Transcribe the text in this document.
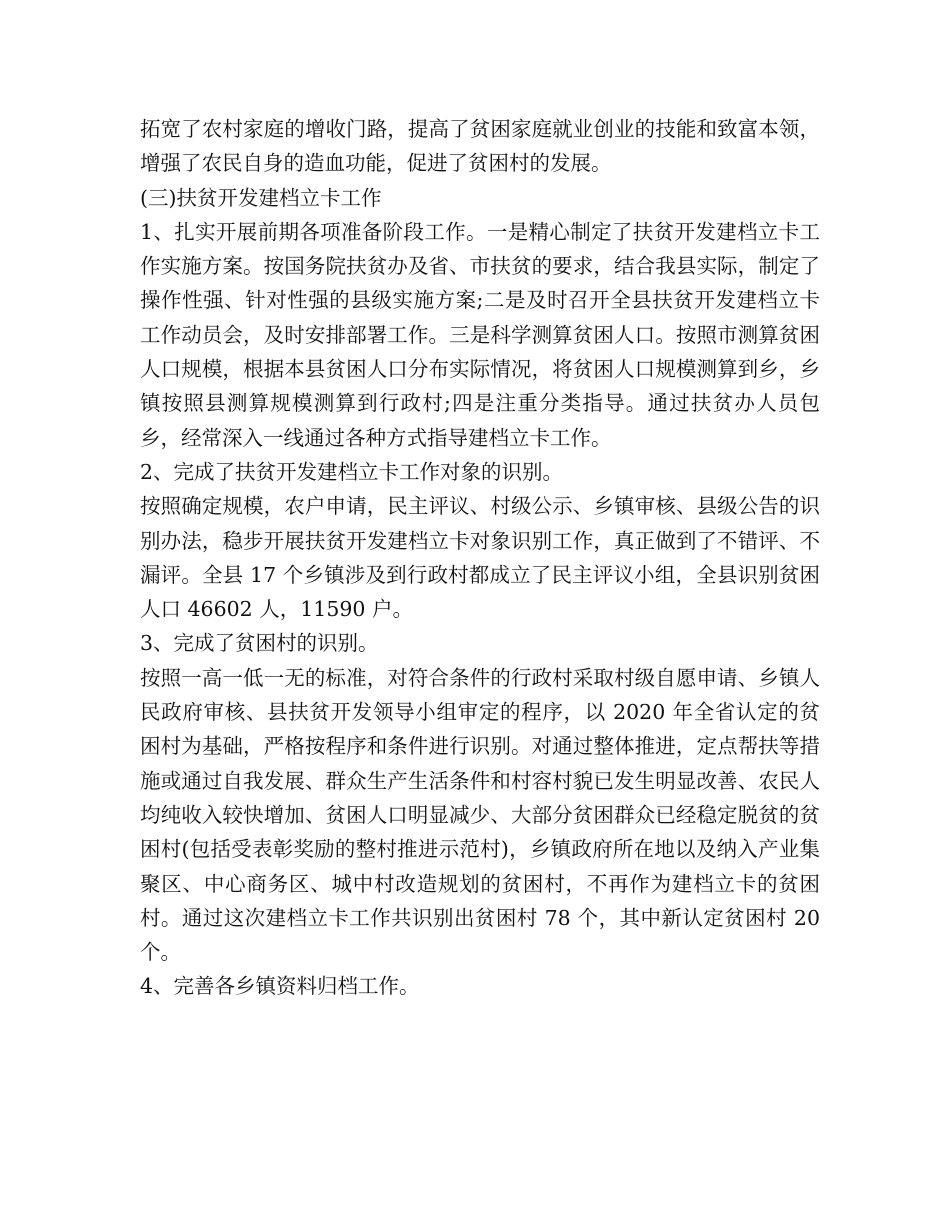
拓宽了农村家庭的增收门路，提高了贫困家庭就业创业的技能和致富本领，增强了农民自身的造血功能，促进了贫困村的发展。

(三)扶贫开发建档立卡工作

1、扎实开展前期各项准备阶段工作。一是精心制定了扶贫开发建档立卡工作实施方案。按国务院扶贫办及省、市扶贫的要求，结合我县实际，制定了操作性强、针对性强的县级实施方案;二是及时召开全县扶贫开发建档立卡工作动员会，及时安排部署工作。三是科学测算贫困人口。按照市测算贫困人口规模，根据本县贫困人口分布实际情况，将贫困人口规模测算到乡，乡镇按照县测算规模测算到行政村;四是注重分类指导。通过扶贫办人员包乡，经常深入一线通过各种方式指导建档立卡工作。

2、完成了扶贫开发建档立卡工作对象的识别。

按照确定规模，农户申请，民主评议、村级公示、乡镇审核、县级公告的识别办法，稳步开展扶贫开发建档立卡对象识别工作，真正做到了不错评、不漏评。全县 17 个乡镇涉及到行政村都成立了民主评议小组，全县识别贫困人口 46602 人，11590 户。

3、完成了贫困村的识别。

按照一高一低一无的标准，对符合条件的行政村采取村级自愿申请、乡镇人民政府审核、县扶贫开发领导小组审定的程序，以 2020 年全省认定的贫困村为基础，严格按程序和条件进行识别。对通过整体推进，定点帮扶等措施或通过自我发展、群众生产生活条件和村容村貌已发生明显改善、农民人均纯收入较快增加、贫困人口明显减少、大部分贫困群众已经稳定脱贫的贫困村(包括受表彰奖励的整村推进示范村)，乡镇政府所在地以及纳入产业集聚区、中心商务区、城中村改造规划的贫困村，不再作为建档立卡的贫困村。通过这次建档立卡工作共识别出贫困村 78 个，其中新认定贫困村 20 个。

4、完善各乡镇资料归档工作。
